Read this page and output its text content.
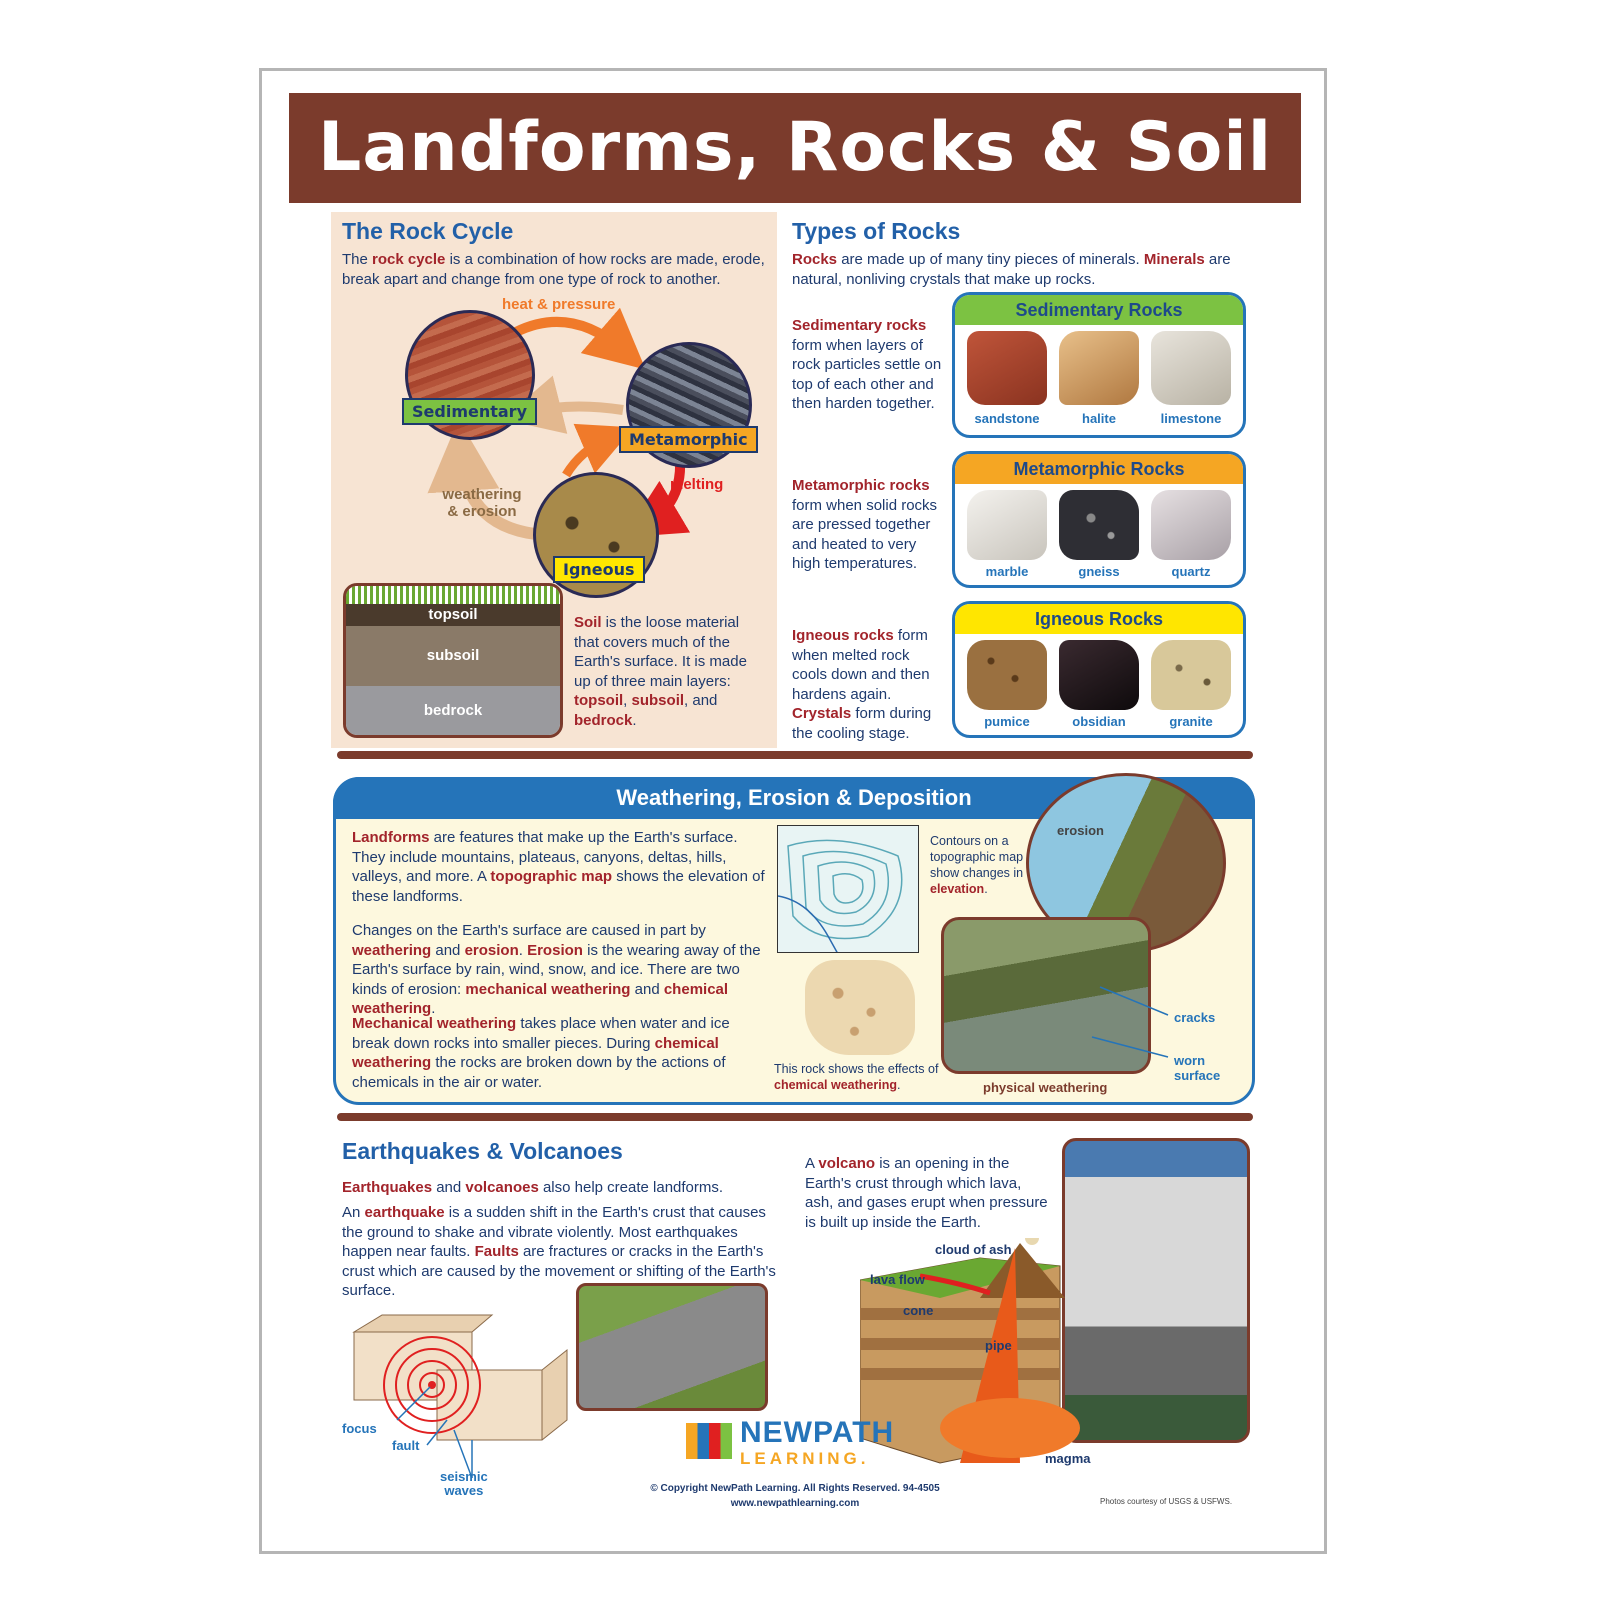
Landforms, Rocks & Soil
The Rock Cycle
The rock cycle is a combination of how rocks are made, erode, break apart and change from one type of rock to another.
heat & pressure
weathering
& erosion
melting
Sedimentary
Metamorphic
Igneous
topsoil
subsoil
bedrock
Soil is the loose material that covers much of the Earth's surface. It is made up of three main layers: topsoil, subsoil, and bedrock.
Types of Rocks
Rocks are made up of many tiny pieces of minerals. Minerals are natural, nonliving crystals that make up rocks.
Sedimentary rocks form when layers of rock particles settle on top of each other and then harden together.
Metamorphic rocks form when solid rocks are pressed together and heated to very high temperatures.
Igneous rocks form when melted rock cools down and then hardens again. Crystals form during the cooling stage.
Sedimentary Rocks
sandstone	halite	limestone
Metamorphic Rocks
marble	gneiss	quartz
Igneous Rocks
pumice	obsidian	granite
Weathering, Erosion & Deposition
Landforms are features that make up the Earth's surface. They include mountains, plateaus, canyons, deltas, hills, valleys, and more. A topographic map shows the elevation of these landforms.
Changes on the Earth's surface are caused in part by weathering and erosion. Erosion is the wearing away of the Earth's surface by rain, wind, snow, and ice. There are two kinds of erosion: mechanical weathering and chemical weathering.
Mechanical weathering takes place when water and ice break down rocks into smaller pieces. During chemical weathering the rocks are broken down by the actions of chemicals in the air or water.
Contours on a topographic map show changes in elevation.
erosion
This rock shows the effects of chemical weathering.
cracks
worn
surface
physical weathering
Earthquakes & Volcanoes
Earthquakes and volcanoes also help create landforms.
An earthquake is a sudden shift in the Earth's crust that causes the ground to shake and vibrate violently. Most earthquakes happen near faults. Faults are fractures or cracks in the Earth's crust which are caused by the movement or shifting of the Earth's surface.
focus
fault
seismic
waves
A volcano is an opening in the Earth's crust through which lava, ash, and gases erupt when pressure is built up inside the Earth.
cloud of ash
lava flow
cone
pipe
magma
NEWPATH
LEARNING.
© Copyright NewPath Learning. All Rights Reserved. 94-4505
www.newpathlearning.com	Photos courtesy of USGS & USFWS.
